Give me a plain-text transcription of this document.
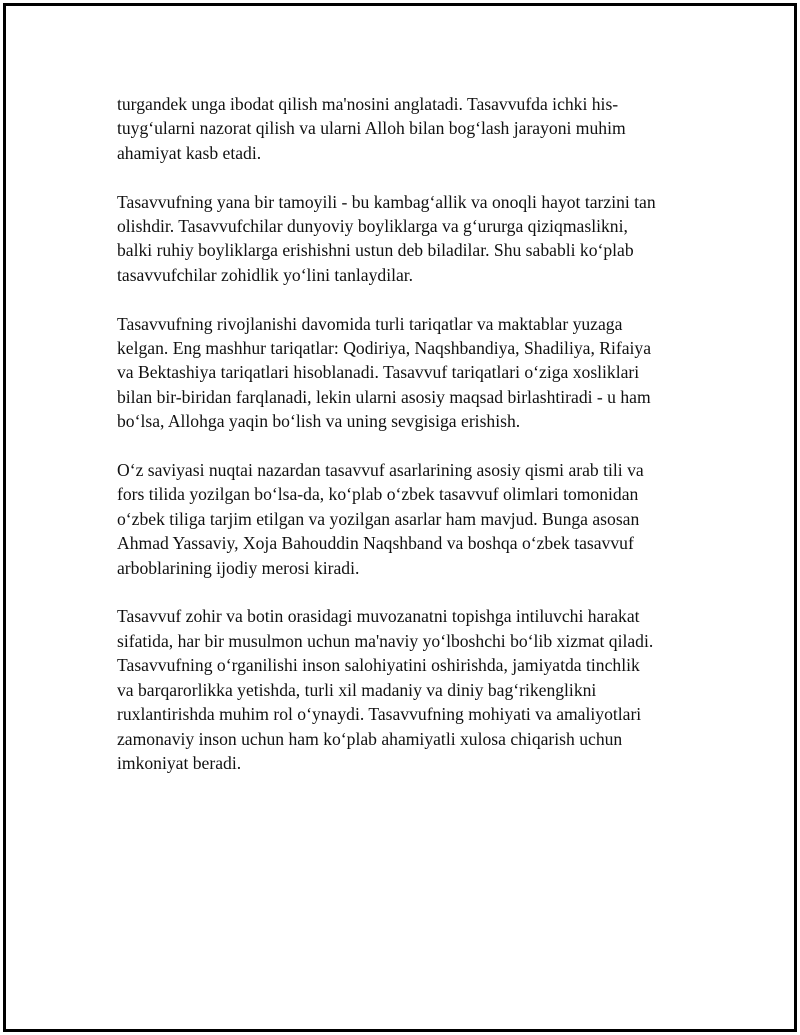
turgandek unga ibodat qilish ma'nosini anglatadi. Tasavvufda ichki his-
tuyg‘ularni nazorat qilish va ularni Alloh bilan bog‘lash jarayoni muhim
ahamiyat kasb etadi.

Tasavvufning yana bir tamoyili - bu kambag‘allik va onoqli hayot tarzini tan
olishdir. Tasavvufchilar dunyoviy boyliklarga va g‘ururga qiziqmaslikni,
balki ruhiy boyliklarga erishishni ustun deb biladilar. Shu sababli ko‘plab
tasavvufchilar zohidlik yo‘lini tanlaydilar.

Tasavvufning rivojlanishi davomida turli tariqatlar va maktablar yuzaga
kelgan. Eng mashhur tariqatlar: Qodiriya, Naqshbandiya, Shadiliya, Rifaiya
va Bektashiya tariqatlari hisoblanadi. Tasavvuf tariqatlari o‘ziga xosliklari
bilan bir-biridan farqlanadi, lekin ularni asosiy maqsad birlashtiradi - u ham
bo‘lsa, Allohga yaqin bo‘lish va uning sevgisiga erishish.

O‘z saviyasi nuqtai nazardan tasavvuf asarlarining asosiy qismi arab tili va
fors tilida yozilgan bo‘lsa-da, ko‘plab o‘zbek tasavvuf olimlari tomonidan
o‘zbek tiliga tarjim etilgan va yozilgan asarlar ham mavjud. Bunga asosan
Ahmad Yassaviy, Xoja Bahouddin Naqshband va boshqa o‘zbek tasavvuf
arboblarining ijodiy merosi kiradi.

Tasavvuf zohir va botin orasidagi muvozanatni topishga intiluvchi harakat
sifatida, har bir musulmon uchun ma'naviy yo‘lboshchi bo‘lib xizmat qiladi.
Tasavvufning o‘rganilishi inson salohiyatini oshirishda, jamiyatda tinchlik
va barqarorlikka yetishda, turli xil madaniy va diniy bag‘rikenglikni
ruxlantirishda muhim rol o‘ynaydi. Tasavvufning mohiyati va amaliyotlari
zamonaviy inson uchun ham ko‘plab ahamiyatli xulosa chiqarish uchun
imkoniyat beradi.
